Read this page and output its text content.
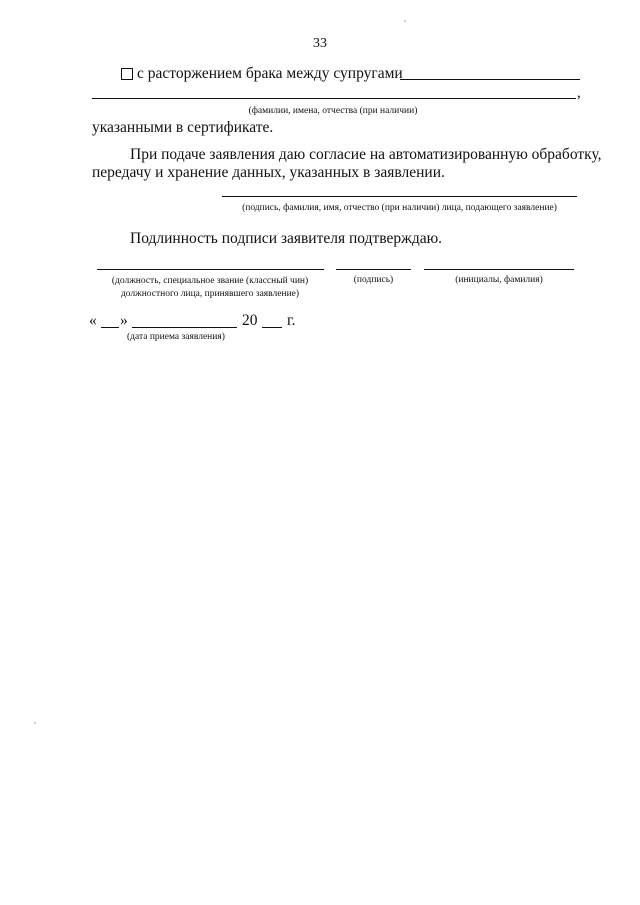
33
с расторжением брака между супругами
,
(фамилии, имена, отчества (при наличии)
указанными в сертификате.
При подаче заявления даю согласие на автоматизированную обработку,
передачу и хранение данных, указанных в заявлении.
(подпись, фамилия, имя, отчество (при наличии) лица, подающего заявление)
Подлинность подписи заявителя подтверждаю.
(должность, специальное звание (классный чин)
должностного лица, принявшего заявление)
(подпись)	(инициалы, фамилия)
« »	20 г.
(дата приема заявления)
